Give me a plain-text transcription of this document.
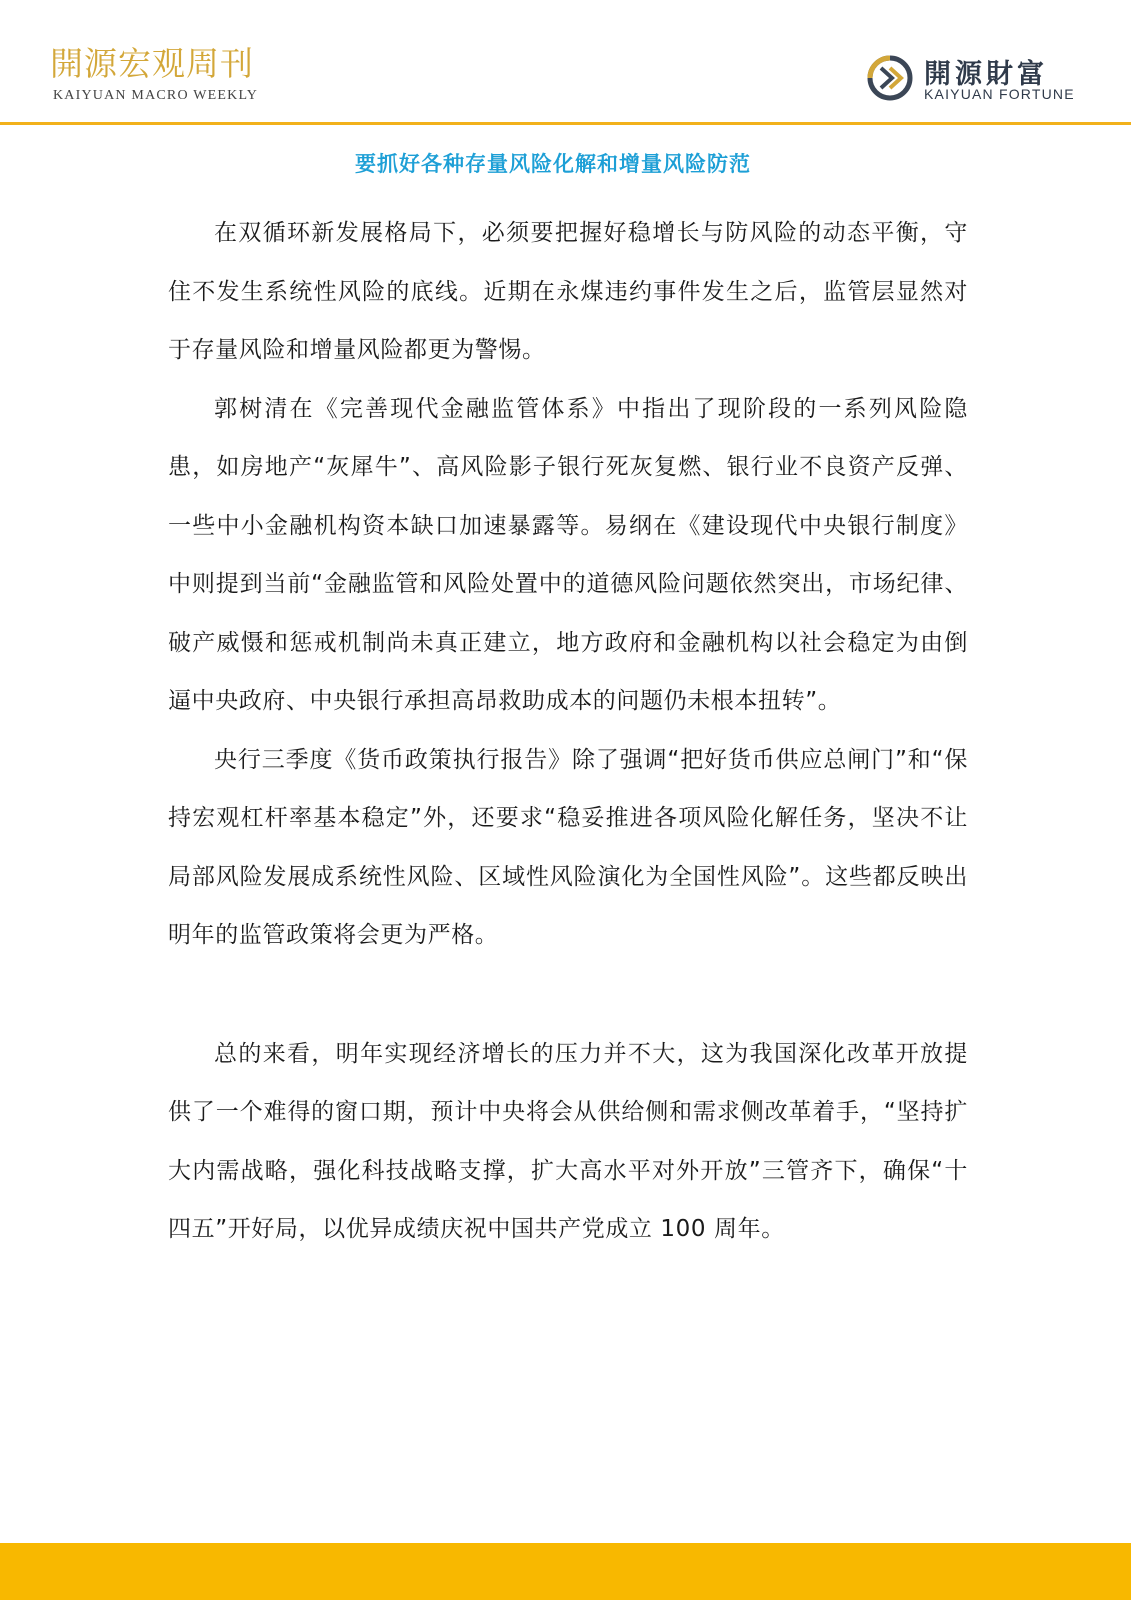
開源宏观周刊
KAIYUAN MACRO WEEKLY
開源財富
KAIYUAN FORTUNE
要抓好各种存量风险化解和增量风险防范

在双循环新发展格局下，必须要把握好稳增长与防风险的动态平衡，守住不发生系统性风险的底线。近期在永煤违约事件发生之后，监管层显然对于存量风险和增量风险都更为警惕。

郭树清在《完善现代金融监管体系》中指出了现阶段的一系列风险隐患，如房地产“灰犀牛”、高风险影子银行死灰复燃、银行业不良资产反弹、一些中小金融机构资本缺口加速暴露等。易纲在《建设现代中央银行制度》中则提到当前“金融监管和风险处置中的道德风险问题依然突出，市场纪律、破产威慑和惩戒机制尚未真正建立，地方政府和金融机构以社会稳定为由倒逼中央政府、中央银行承担高昂救助成本的问题仍未根本扭转”。

央行三季度《货币政策执行报告》除了强调“把好货币供应总闸门”和“保持宏观杠杆率基本稳定”外，还要求“稳妥推进各项风险化解任务，坚决不让局部风险发展成系统性风险、区域性风险演化为全国性风险”。这些都反映出明年的监管政策将会更为严格。

总的来看，明年实现经济增长的压力并不大，这为我国深化改革开放提供了一个难得的窗口期，预计中央将会从供给侧和需求侧改革着手，“坚持扩大内需战略，强化科技战略支撑，扩大高水平对外开放”三管齐下，确保“十四五”开好局，以优异成绩庆祝中国共产党成立 100 周年。
